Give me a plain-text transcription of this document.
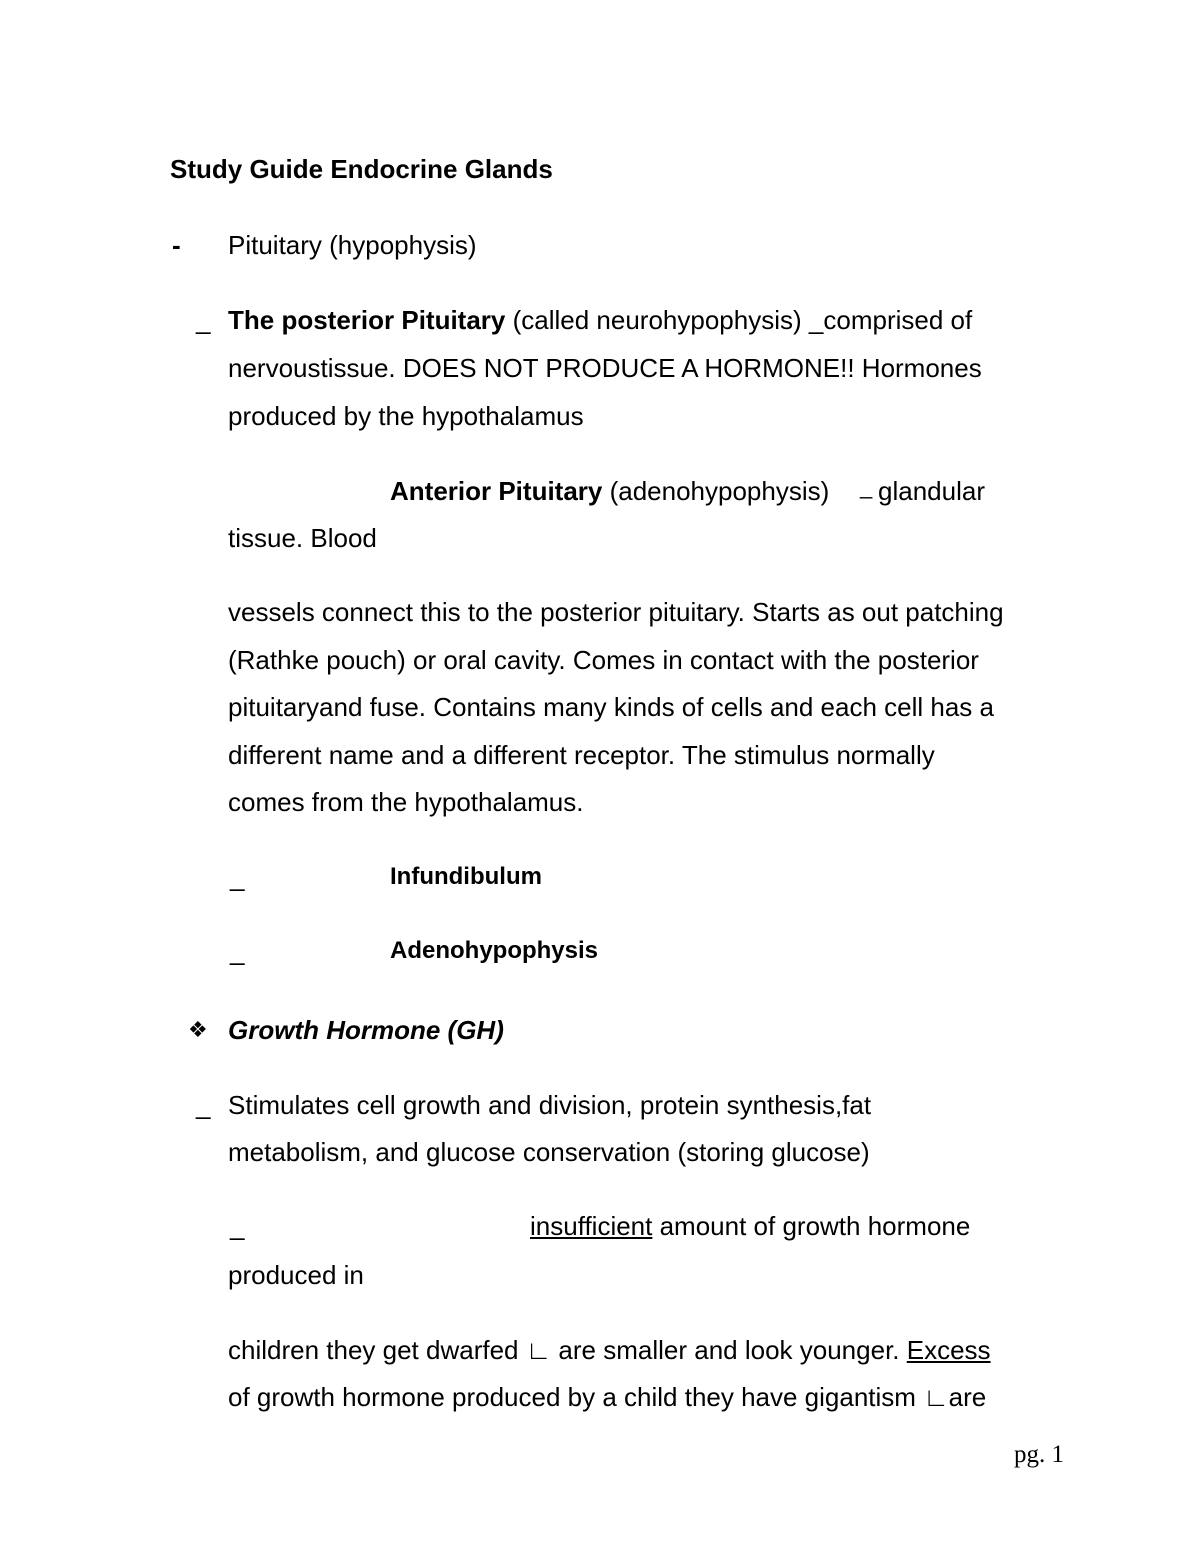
Study Guide Endocrine Glands
- Pituitary (hypophysis)
_ The posterior Pituitary (called neurohypophysis) _comprised of
nervoustissue. DOES NOT PRODUCE A HORMONE!! Hormones
produced by the hypothalamus
Anterior Pituitary (adenohypophysis) _ glandular
tissue. Blood
vessels connect this to the posterior pituitary. Starts as out patching
(Rathke pouch) or oral cavity. Comes in contact with the posterior
pituitaryand fuse. Contains many kinds of cells and each cell has a
different name and a different receptor. The stimulus normally
comes from the hypothalamus.
_	Infundibulum
_	Adenohypophysis
❖ Growth Hormone (GH)
_ Stimulates cell growth and division, protein synthesis,fat
metabolism, and glucose conservation (storing glucose)
_	insufficient amount of growth hormone
produced in
children they get dwarfed ∟ are smaller and look younger. Excess
of growth hormone produced by a child they have gigantism ∟are
pg. 1
